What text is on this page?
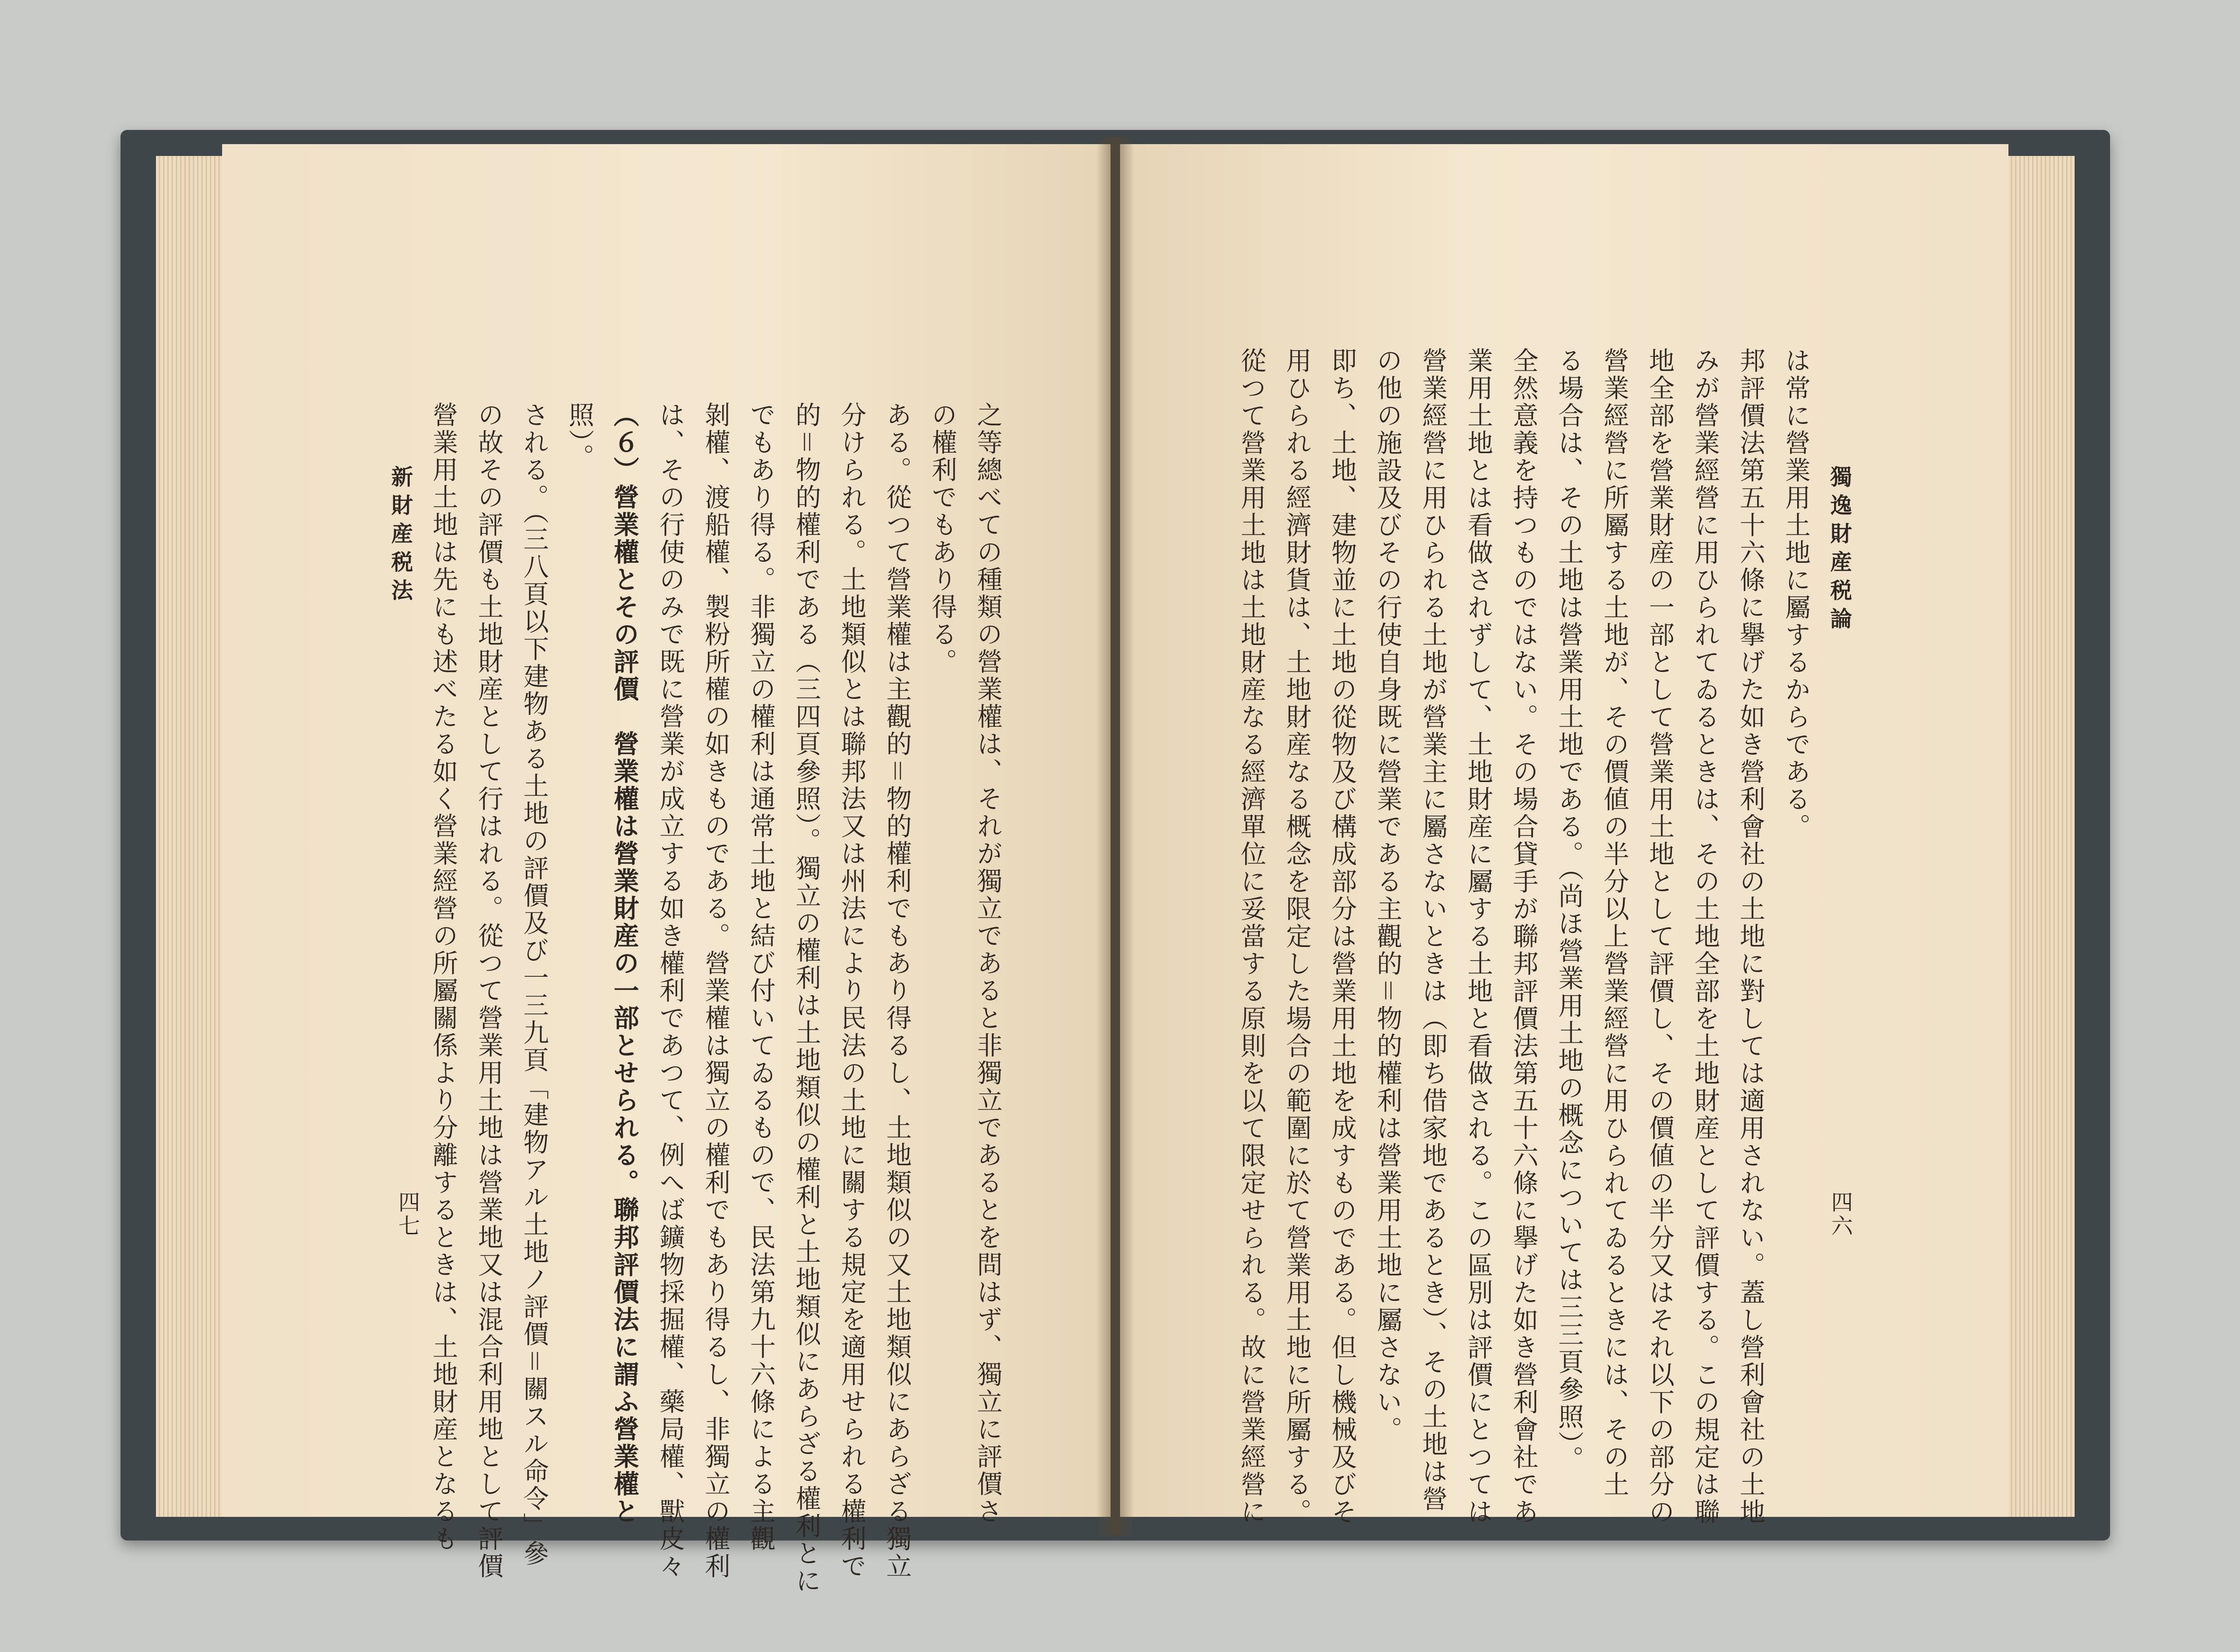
之等總べての種類の營業權は、それが獨立であると非獨立であるとを問はず、獨立に評價さ
の權利でもあり得る。
ある。從つて營業權は主觀的＝物的權利でもあり得るし、土地類似の又土地類似にあらざる獨立
分けられる。土地類似とは聯邦法又は州法により民法の土地に關する規定を適用せられる權利で
的＝物的權利である（三四頁參照）。獨立の權利は土地類似の權利と土地類似にあらざる權利とに
でもあり得る。非獨立の權利は通常土地と結び付いてゐるもので、民法第九十六條による主觀
剝權、渡船權、製粉所權の如きものである。營業權は獨立の權利でもあり得るし、非獨立の權利
は、その行使のみで既に營業が成立する如き權利であつて、例へば鑛物採掘權、藥局權、獸皮々
（６）營業權とその評價　營業權は營業財産の一部とせられる。聯邦評價法に謂ふ營業權と
照）。
される。（三八頁以下建物ある土地の評價及び一三九頁「建物アル土地ノ評價＝關スル命令」參
の故その評價も土地財産として行はれる。從つて營業用土地は營業地又は混合利用地として評價
營業用土地は先にも述べたる如く營業經營の所屬關係より分離するときは、土地財産となるも
新財産税法
四七
獨逸財産税論
四六
は常に營業用土地に屬するからである。
邦評價法第五十六條に擧げた如き營利會社の土地に對しては適用されない。蓋し營利會社の土地
みが營業經營に用ひられてゐるときは、その土地全部を土地財産として評價する。この規定は聯
地全部を營業財産の一部として營業用土地として評價し、その價値の半分又はそれ以下の部分の
營業經營に所屬する土地が、その價値の半分以上營業經營に用ひられてゐるときには、その土
る場合は、その土地は營業用土地である。（尚ほ營業用土地の概念については三三頁參照）。
全然意義を持つものではない。その場合貸手が聯邦評價法第五十六條に擧げた如き營利會社であ
業用土地とは看做されずして、土地財産に屬する土地と看做される。この區別は評價にとつては
營業經營に用ひられる土地が營業主に屬さないときは（即ち借家地であるとき）、その土地は營
の他の施設及びその行使自身既に營業である主觀的＝物的權利は營業用土地に屬さない。
即ち、土地、建物並に土地の從物及び構成部分は營業用土地を成すものである。但し機械及びそ
用ひられる經濟財貨は、土地財産なる概念を限定した場合の範圍に於て營業用土地に所屬する。
從つて營業用土地は土地財産なる經濟單位に妥當する原則を以て限定せられる。故に營業經營に
